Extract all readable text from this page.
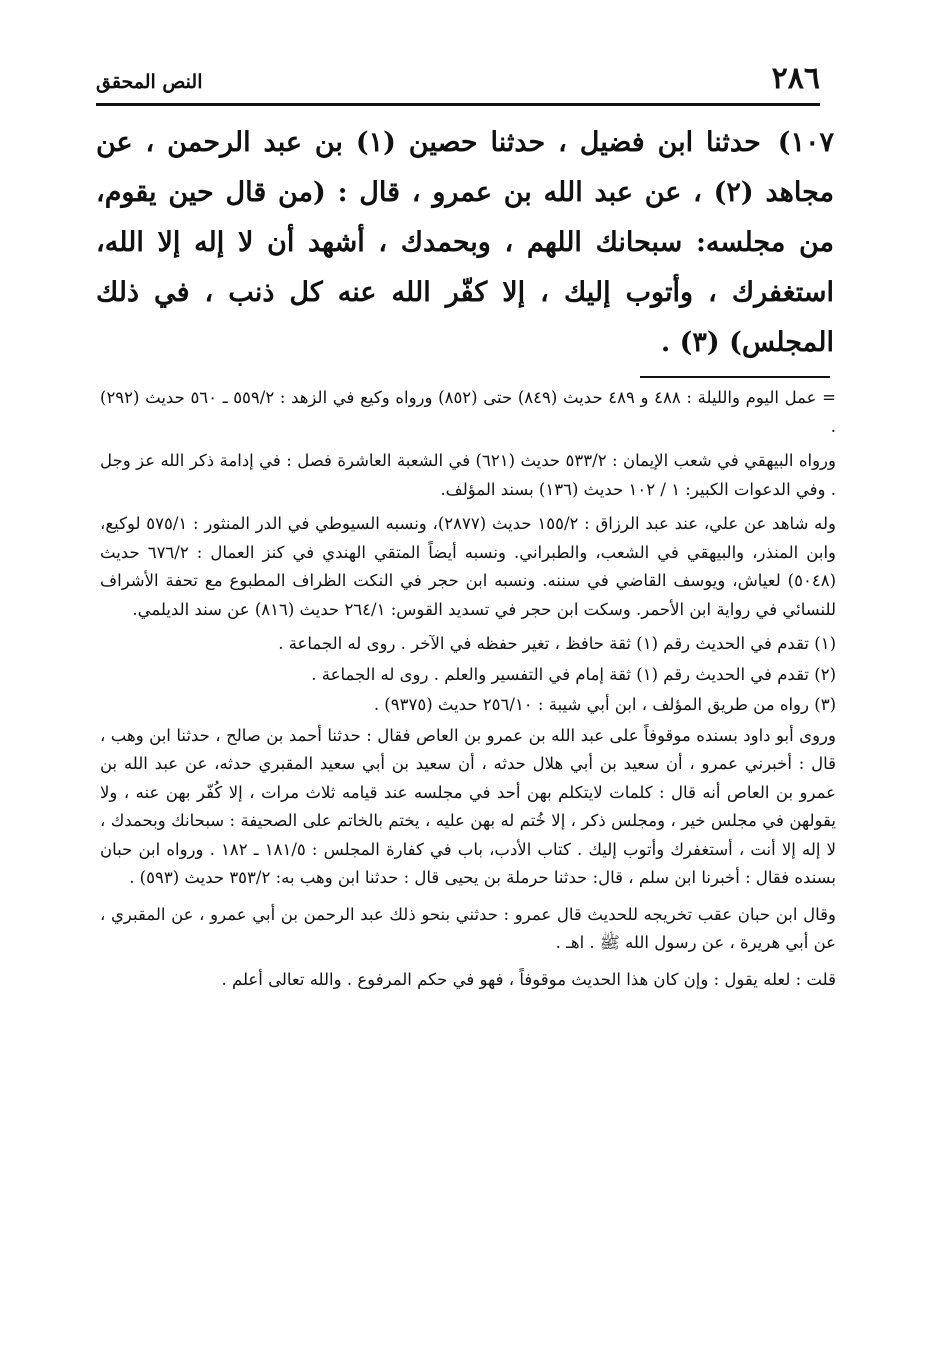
٢٨٦
النص المحقق
١٠٧) حدثنا ابن فضيل ، حدثنا حصين (١) بن عبد الرحمن ، عن مجاهد (٢) ، عن عبد الله بن عمرو ، قال : (من قال حين يقوم، من مجلسه: سبحانك اللهم ، وبحمدك ، أشهد أن لا إله إلا الله، استغفرك ، وأتوب إليك ، إلا كفّر الله عنه كل ذنب ، في ذلك المجلس) (٣) .

= عمل اليوم والليلة : ٤٨٨ و ٤٨٩ حديث (٨٤٩) حتى (٨٥٢) ورواه وكيع في الزهد : ٥٥٩/٢ ـ ٥٦٠ حديث (٢٩٢) .

ورواه البيهقي في شعب الإيمان : ٥٣٣/٢ حديث (٦٢١) في الشعبة العاشرة فصل : في إدامة ذكر الله عز وجل . وفي الدعوات الكبير: ١ / ١٠٢ حديث (١٣٦) بسند المؤلف.

وله شاهد عن علي، عند عبد الرزاق : ١٥٥/٢ حديث (٢٨٧٧)، ونسبه السيوطي في الدر المنثور : ٥٧٥/١ لوكيع، وابن المنذر، والبيهقي في الشعب، والطبراني. ونسبه أيضاً المتقي الهندي في كنز العمال : ٦٧٦/٢ حديث (٥٠٤٨) لعياش، ويوسف القاضي في سننه. ونسبه ابن حجر في النكت الظراف المطبوع مع تحفة الأشراف للنسائي في رواية ابن الأحمر. وسكت ابن حجر في تسديد القوس: ٢٦٤/١ حديث (٨١٦) عن سند الديلمي.

(١) تقدم في الحديث رقم (١) ثقة حافظ ، تغير حفظه في الآخر . روى له الجماعة .

(٢) تقدم في الحديث رقم (١) ثقة إمام في التفسير والعلم . روى له الجماعة .

(٣) رواه من طريق المؤلف ، ابن أبي شيبة : ٢٥٦/١٠ حديث (٩٣٧٥) .

وروى أبو داود بسنده موقوفاً على عبد الله بن عمرو بن العاص فقال : حدثنا أحمد بن صالح ، حدثنا ابن وهب ، قال : أخبرني عمرو ، أن سعيد بن أبي هلال حدثه ، أن سعيد بن أبي سعيد المقبري حدثه، عن عبد الله بن عمرو بن العاص أنه قال : كلمات لايتكلم بهن أحد في مجلسه عند قيامه ثلاث مرات ، إلا كُفّر بهن عنه ، ولا يقولهن في مجلس خير ، ومجلس ذكر ، إلا خُتم له بهن عليه ، يختم بالخاتم على الصحيفة : سبحانك وبحمدك ، لا إله إلا أنت ، أستغفرك وأتوب إليك . كتاب الأدب، باب في كفارة المجلس : ١٨١/٥ ـ ١٨٢ . ورواه ابن حبان بسنده فقال : أخبرنا ابن سلم ، قال: حدثنا حرملة بن يحيى قال : حدثنا ابن وهب به: ٣٥٣/٢ حديث (٥٩٣) .

وقال ابن حبان عقب تخريجه للحديث قال عمرو : حدثني بنحو ذلك عبد الرحمن بن أبي عمرو ، عن المقبري ، عن أبي هريرة ، عن رسول الله ﷺ . اهـ .

قلت : لعله يقول : وإن كان هذا الحديث موقوفاً ، فهو في حكم المرفوع . والله تعالى أعلم .
